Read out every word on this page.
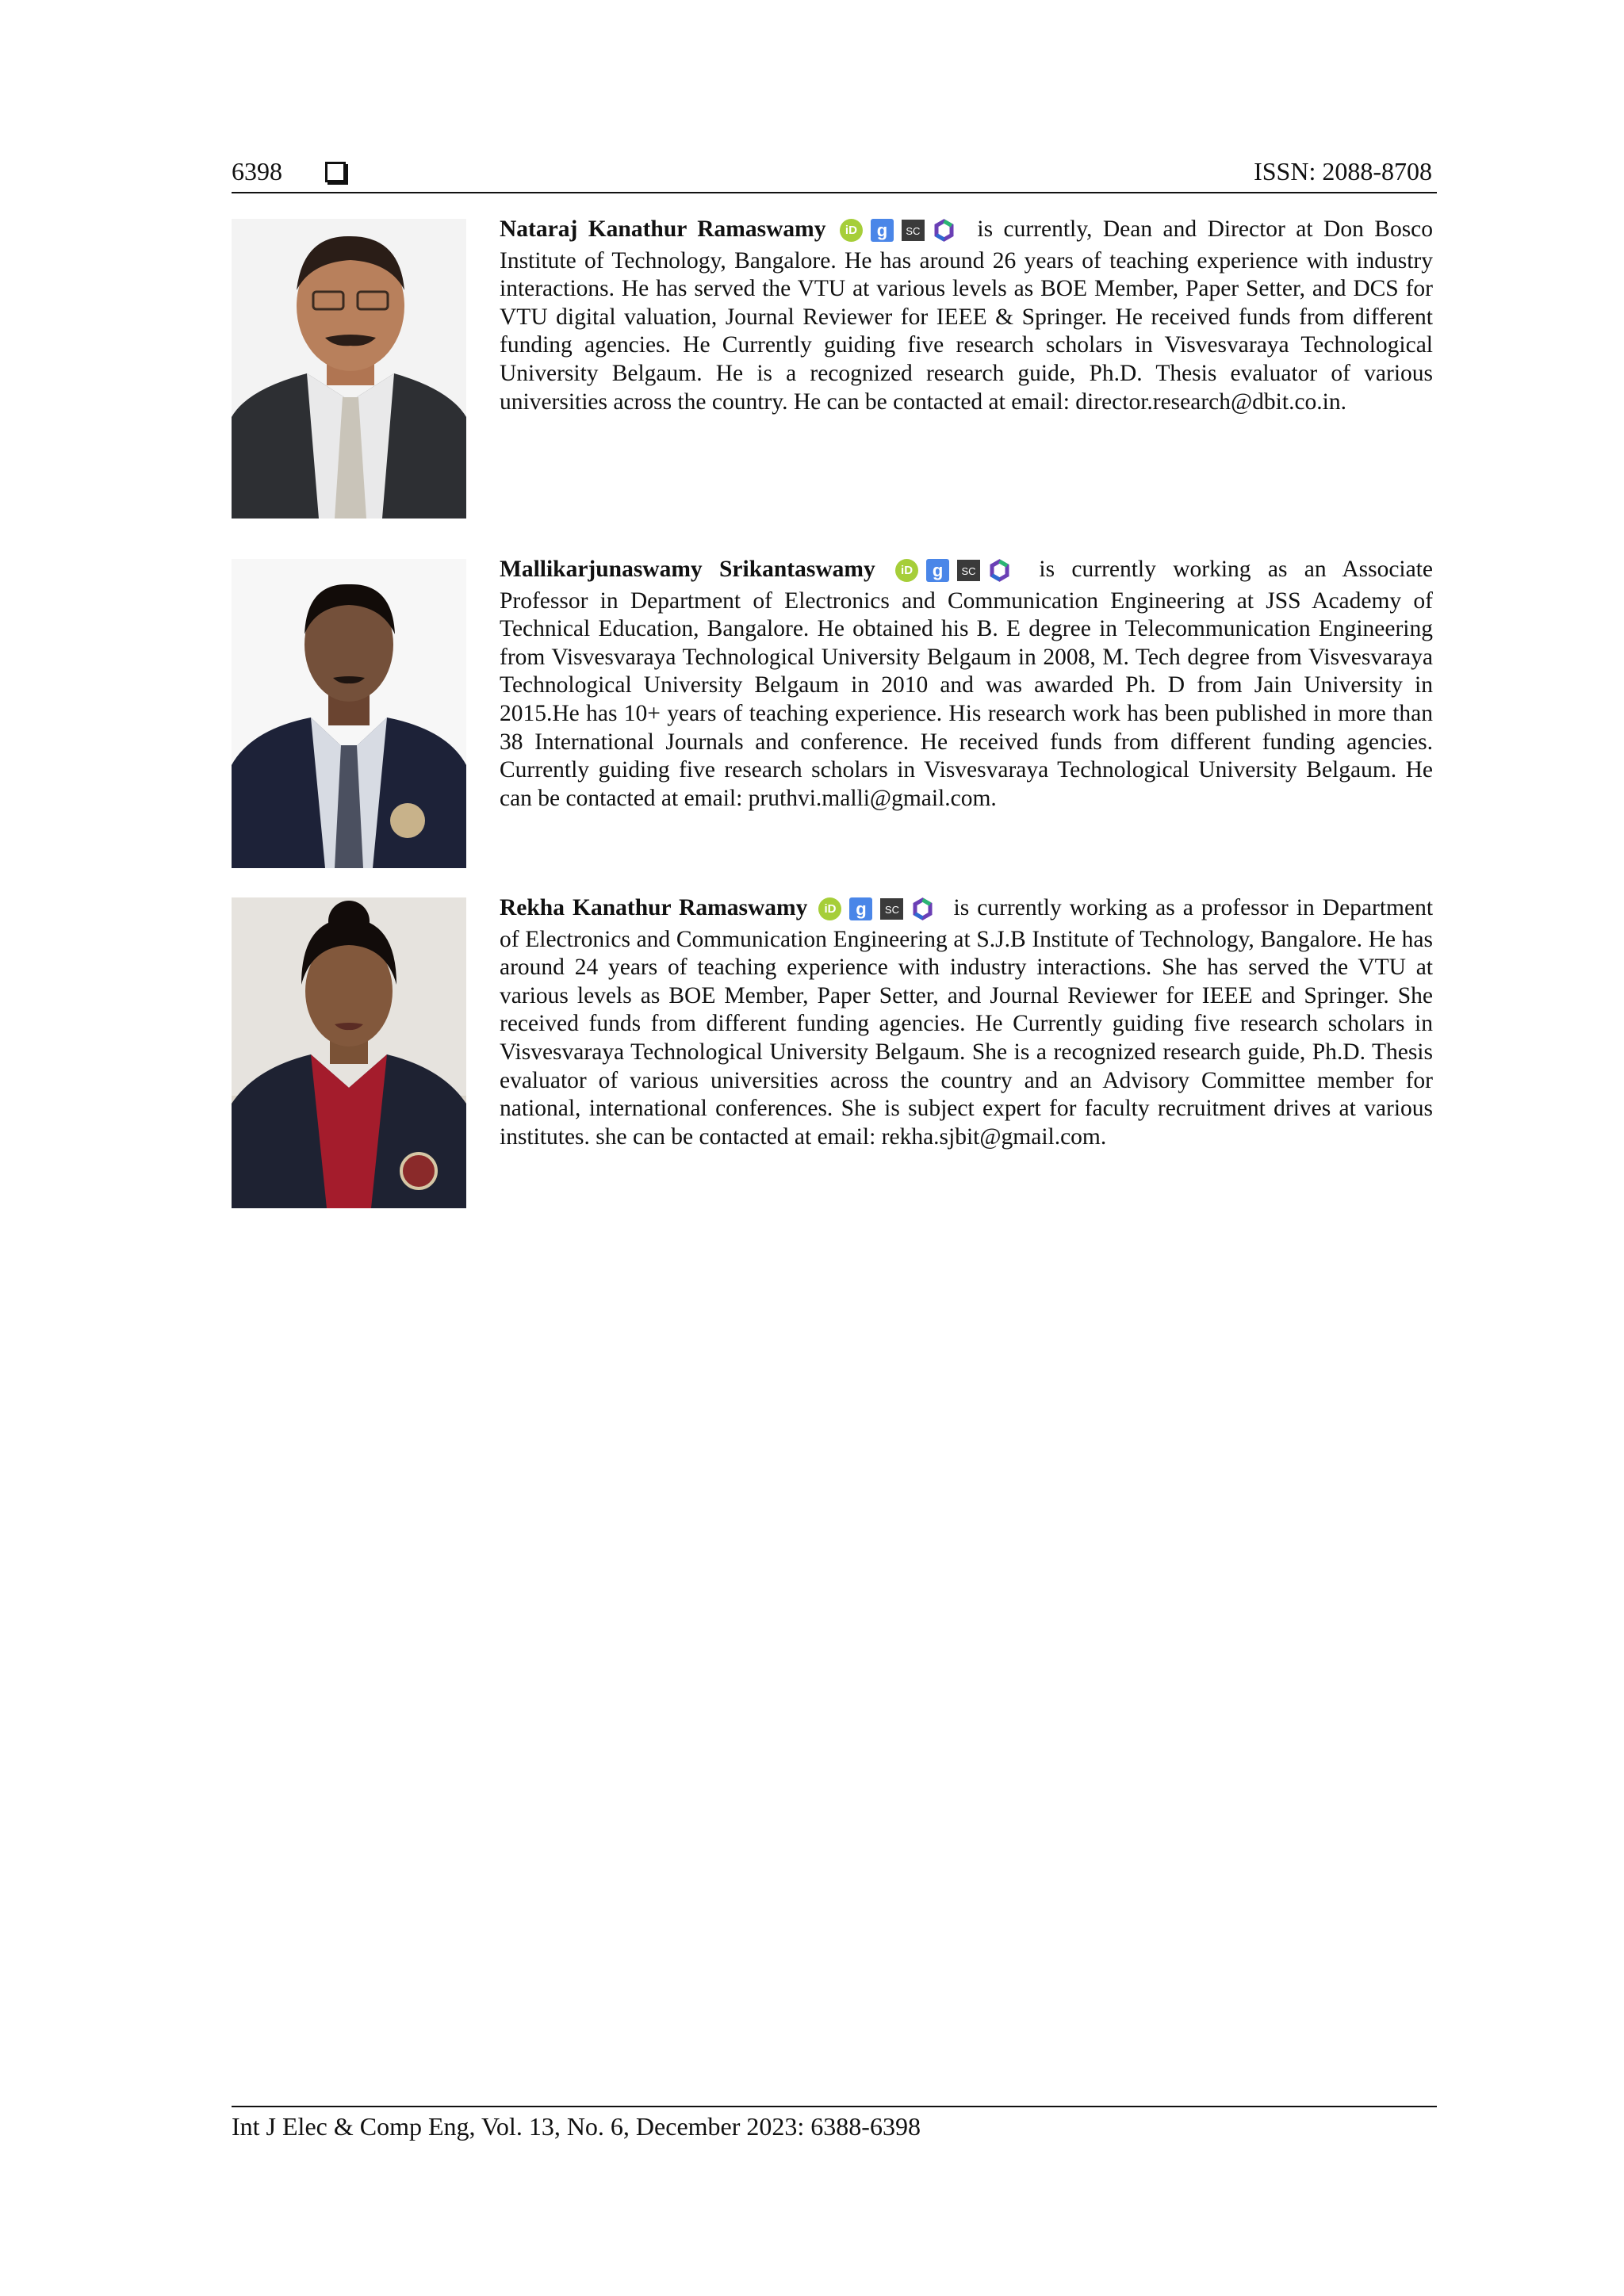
6398	ISSN: 2088-8708
Nataraj Kanathur Ramaswamy iD g SC is currently, Dean and Director at Don Bosco Institute of Technology, Bangalore. He has around 26 years of teaching experience with industry interactions. He has served the VTU at various levels as BOE Member, Paper Setter, and DCS for VTU digital valuation, Journal Reviewer for IEEE & Springer. He received funds from different funding agencies. He Currently guiding five research scholars in Visvesvaraya Technological University Belgaum. He is a recognized research guide, Ph.D. Thesis evaluator of various universities across the country. He can be contacted at email: director.research@dbit.co.in.
Mallikarjunaswamy Srikantaswamy iD g SC	is currently working as an Associate Professor in Department of Electronics and Communication Engineering at JSS Academy of Technical Education, Bangalore. He obtained his B. E degree in Telecommunication Engineering from Visvesvaraya Technological University Belgaum in 2008, M. Tech degree from Visvesvaraya Technological University Belgaum in 2010 and was awarded Ph. D from Jain University in 2015.He has 10+ years of teaching experience. His research work has been published in more than 38 International Journals and conference. He received funds from different funding agencies. Currently guiding five research scholars in Visvesvaraya Technological University Belgaum. He can be contacted at email: pruthvi.malli@gmail.com.
Rekha Kanathur Ramaswamy iD g SC is currently working as a professor in Department of Electronics and Communication Engineering at S.J.B Institute of Technology, Bangalore. He has around 24 years of teaching experience with industry interactions. She has served the VTU at various levels as BOE Member, Paper Setter, and Journal Reviewer for IEEE and Springer. She received funds from different funding agencies. He Currently guiding five research scholars in Visvesvaraya Technological University Belgaum. She is a recognized research guide, Ph.D. Thesis evaluator of various universities across the country and an Advisory Committee member for national, international conferences. She is subject expert for faculty recruitment drives at various institutes. she can be contacted at email: rekha.sjbit@gmail.com.
Int J Elec & Comp Eng, Vol. 13, No. 6, December 2023: 6388-6398
